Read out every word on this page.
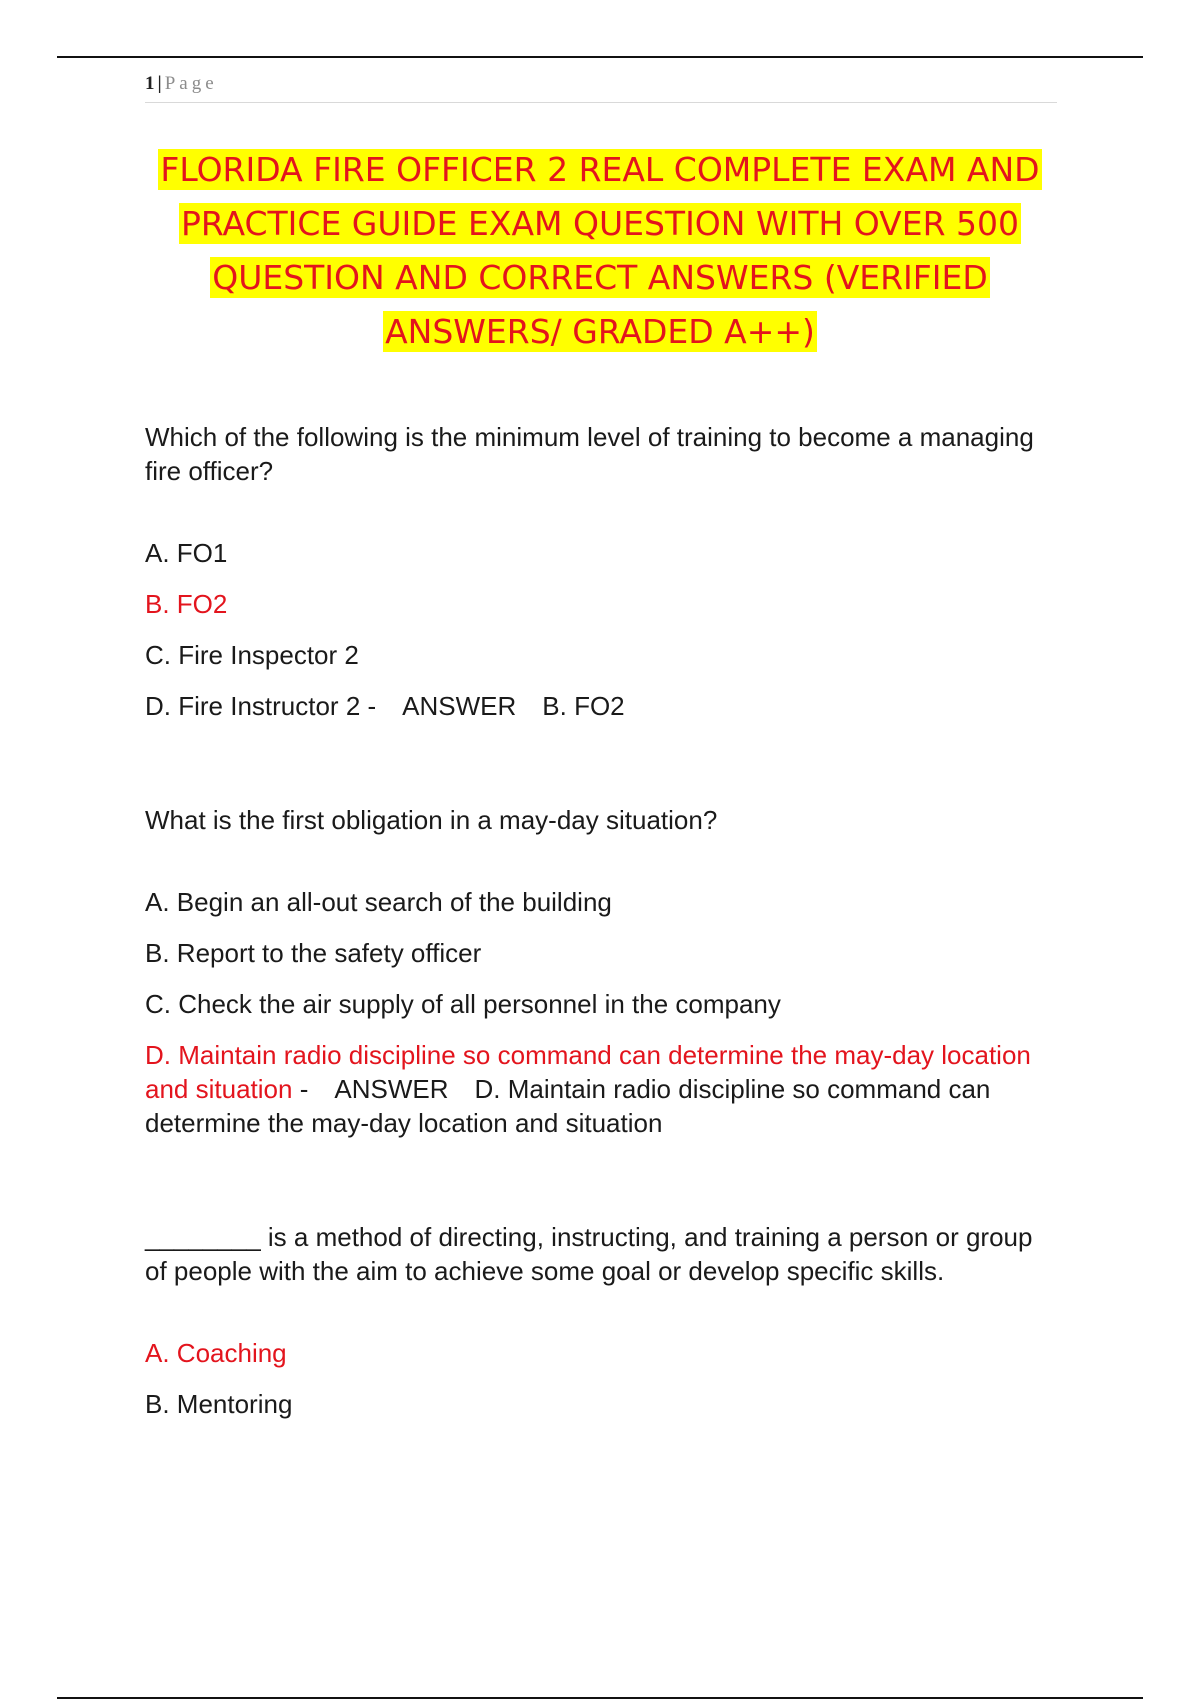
1 | Page
FLORIDA FIRE OFFICER 2 REAL COMPLETE EXAM AND
PRACTICE GUIDE EXAM QUESTION WITH OVER 500
QUESTION AND CORRECT ANSWERS (VERIFIED
ANSWERS/ GRADED A++)

Which of the following is the minimum level of training to become a managing fire officer?

A. FO1
B. FO2
C. Fire Inspector 2
D. Fire Instructor 2 - ANSWER B. FO2

What is the first obligation in a may-day situation?

A. Begin an all-out search of the building
B. Report to the safety officer
C. Check the air supply of all personnel in the company
D. Maintain radio discipline so command can determine the may-day location and situation - ANSWER D. Maintain radio discipline so command can determine the may-day location and situation

________ is a method of directing, instructing, and training a person or group of people with the aim to achieve some goal or develop specific skills.

A. Coaching
B. Mentoring
